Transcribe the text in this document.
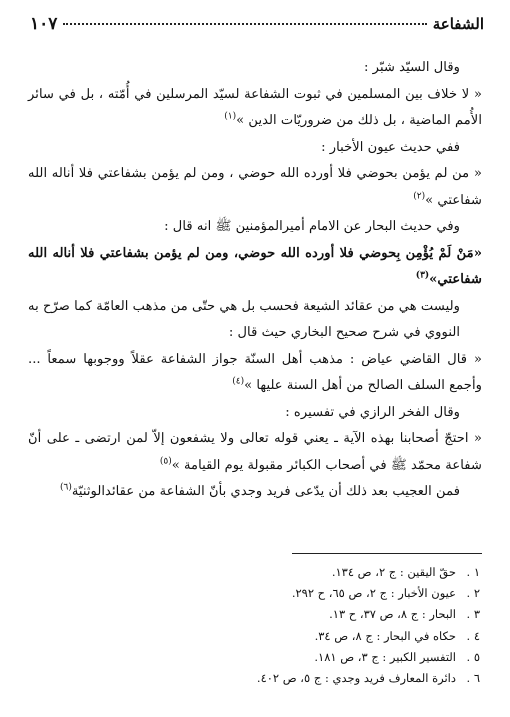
الشفاعة
١٠٧

وقال السيّد شبّر :

« لا خلاف بين المسلمين في ثبوت الشفاعة لسيّد المرسلين في أُمّته ، بل في سائر الأُمم الماضية ، بل ذلك من ضروريّات الدين »$^{(١)}$

ففي حديث عيون الأخبار :

« من لم يؤمن بحوضي فلا أورده الله حوضي ، ومن لم يؤمن بشفاعتي فلا أناله الله شفاعتي »$^{(٢)}$

وفي حديث البحار عن الامام أميرالمؤمنين ﷺ انه قال :

«مَنْ لَمْ يُؤْمِن بِحوضي فلا أورده الله حوضي، ومن لم يؤمن بشفاعتي فلا أناله الله شفاعتي»$^{(٣)}$

وليست هي من عقائد الشيعة فحسب بل هي حتّى من مذهب العامّة كما صرّح به النووي في شرح صحيح البخاري حيث قال :

« قال القاضي عياض : مذهب أهل السنّة جواز الشفاعة عقلاً ووجوبها سمعاً ... وأجمع السلف الصالح من أهل السنة عليها »$^{(٤)}$

وقال الفخر الرازي في تفسيره :

« احتجّ أصحابنا بهذه الآية ـ يعني قوله تعالى ولا يشفعون إلاّ لمن ارتضى ـ على أنّ شفاعة محمّد ﷺ في أصحاب الكبائر مقبولة يوم القيامة »$^{(٥)}$

فمن العجيب بعد ذلك أن يدّعى فريد وجدي بأنّ الشفاعة من عقائدالوثنيّة$^{(٦)}$

١ .
حقّ اليقين : ج ٢، ص ١٣٤.
٢ .
عيون الأخبار : ج ٢، ص ٦٥، ح ٢٩٢.
٣ .
البحار : ج ٨، ص ٣٧، ح ١٣.
٤ .
حكاه في البحار : ج ٨، ص ٣٤.
٥ .
التفسير الكبير : ج ٣، ص ١٨١.
٦ .
دائرة المعارف فريد وجدي : ج ٥، ص ٤٠٢.
